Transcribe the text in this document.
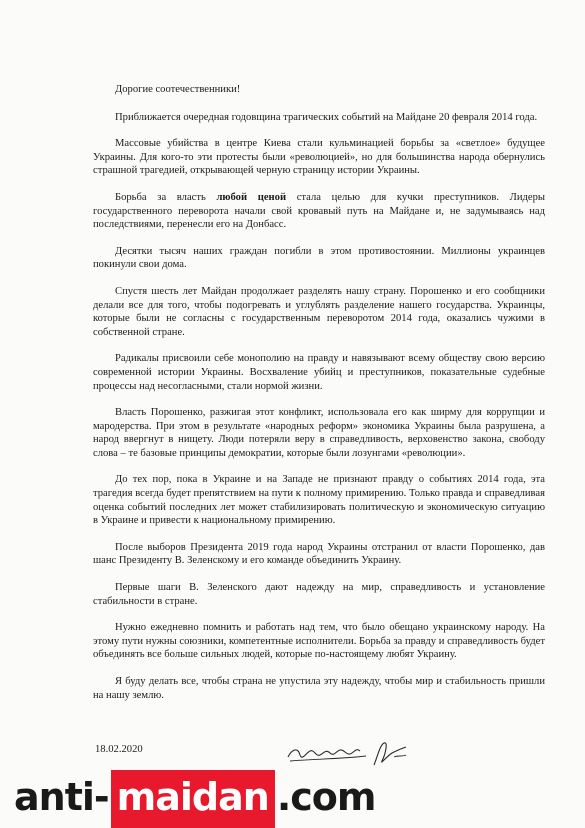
Дорогие соотечественники!

Приближается очередная годовщина трагических событий на Майдане 20 февраля 2014 года.

Массовые убийства в центре Киева стали кульминацией борьбы за «светлое» будущее Украины. Для кого-то эти протесты были «революцией», но для большинства народа обернулись страшной трагедией, открывающей черную страницу истории Украины.

Борьба за власть любой ценой стала целью для кучки преступников. Лидеры государственного переворота начали свой кровавый путь на Майдане и, не задумываясь над последствиями, перенесли его на Донбасс.

Десятки тысяч наших граждан погибли в этом противостоянии. Миллионы украинцев покинули свои дома.

Спустя шесть лет Майдан продолжает разделять нашу страну. Порошенко и его сообщники делали все для того, чтобы подогревать и углублять разделение нашего государства. Украинцы, которые были не согласны с государственным переворотом 2014 года, оказались чужими в собственной стране.

Радикалы присвоили себе монополию на правду и навязывают всему обществу свою версию современной истории Украины. Восхваление убийц и преступников, показательные судебные процессы над несогласными, стали нормой жизни.

Власть Порошенко, разжигая этот конфликт, использовала его как ширму для коррупции и мародерства. При этом в результате «народных реформ» экономика Украины была разрушена, а народ ввергнут в нищету. Люди потеряли веру в справедливость, верховенство закона, свободу слова – те базовые принципы демократии, которые были лозунгами «революции».

До тех пор, пока в Украине и на Западе не признают правду о событиях 2014 года, эта трагедия всегда будет препятствием на пути к полному примирению. Только правда и справедливая оценка событий последних лет может стабилизировать политическую и экономическую ситуацию в Украине и привести к национальному примирению.

После выборов Президента 2019 года народ Украины отстранил от власти Порошенко, дав шанс Президенту В. Зеленскому и его команде объединить Украину.

Первые шаги В. Зеленского дают надежду на мир, справедливость и установление стабильности в стране.

Нужно ежедневно помнить и работать над тем, что было обещано украинскому народу. На этому пути нужны союзники, компетентные исполнители. Борьба за правду и справедливость будет объединять все больше сильных людей, которые по-настоящему любят Украину.

Я буду делать все, чтобы страна не упустила эту надежду, чтобы мир и стабильность пришли на нашу землю.

18.02.2020
anti- maidan .com
